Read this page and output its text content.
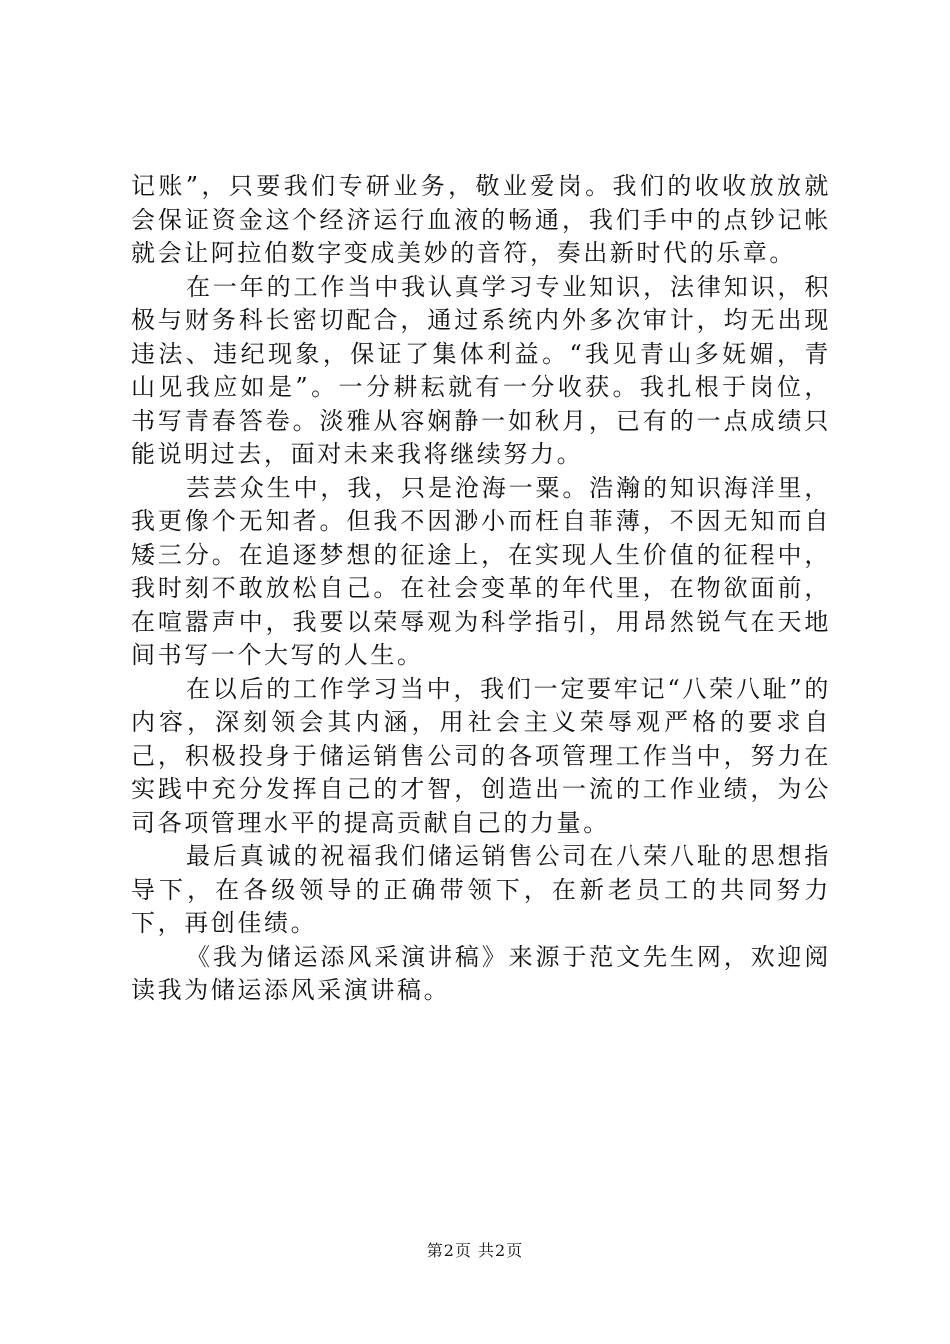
记账”，只要我们专研业务，敬业爱岗。我们的收收放放就会保证资金这个经济运行血液的畅通，我们手中的点钞记帐就会让阿拉伯数字变成美妙的音符，奏出新时代的乐章。

在一年的工作当中我认真学习专业知识，法律知识，积极与财务科长密切配合，通过系统内外多次审计，均无出现违法、违纪现象，保证了集体利益。“我见青山多妩媚，青山见我应如是”。一分耕耘就有一分收获。我扎根于岗位，书写青春答卷。淡雅从容娴静一如秋月，已有的一点成绩只能说明过去，面对未来我将继续努力。

芸芸众生中，我，只是沧海一粟。浩瀚的知识海洋里，我更像个无知者。但我不因渺小而枉自菲薄，不因无知而自矮三分。在追逐梦想的征途上，在实现人生价值的征程中，我时刻不敢放松自己。在社会变革的年代里，在物欲面前，在喧嚣声中，我要以荣辱观为科学指引，用昂然锐气在天地间书写一个大写的人生。

在以后的工作学习当中，我们一定要牢记“八荣八耻”的内容，深刻领会其内涵，用社会主义荣辱观严格的要求自己，积极投身于储运销售公司的各项管理工作当中，努力在实践中充分发挥自己的才智，创造出一流的工作业绩，为公司各项管理水平的提高贡献自己的力量。

最后真诚的祝福我们储运销售公司在八荣八耻的思想指导下，在各级领导的正确带领下，在新老员工的共同努力下，再创佳绩。

《我为储运添风采演讲稿》来源于范文先生网，欢迎阅读我为储运添风采演讲稿。

第2页 共2页
